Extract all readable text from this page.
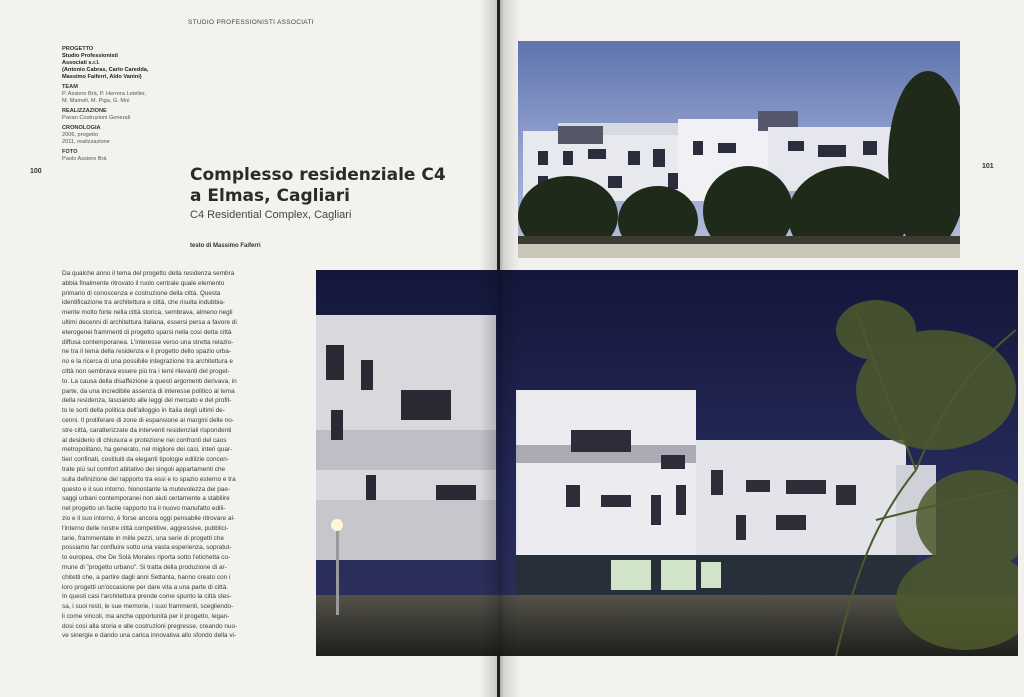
STUDIO PROFESSIONISTI ASSOCIATI
PROGETTO
Studio Professionisti
Associati s.r.l.
(Antonio Cabras, Carlo Caredda,
Massimo Faiferri, Aldo Vanini)
TEAM
P. Assiero Brà, P. Herrera Letelier,
M. Mameli, M. Piga, G. Moi
REALIZZAZIONE
Pavan Costruzioni Generali
CRONOLOGIA
2006, progetto
2011, realizzazione
FOTO
Paolo Assiero Brà
100	Complesso residenziale C4
a Elmas, Cagliari
C4 Residential Complex, Cagliari
testo di Massimo Faiferri
Da qualche anno il tema del progetto della residenza sembra
abbia finalmente ritrovato il ruolo centrale quale elemento
primario di conoscenza e costruzione della città. Questa
identificazione tra architettura e città, che risulta indubbia-
mente molto forte nella città storica, sembrava, almeno negli
ultimi decenni di architettura italiana, essersi persa a favore di
eterogenei frammenti di progetto sparsi nella così detta città
diffusa contemporanea. L'interesse verso una stretta relazio-
ne tra il tema della residenza e il progetto dello spazio urba-
no e la ricerca di una possibile integrazione tra architettura e
città non sembrava essere più tra i temi rilevanti del proget-
to. La causa della disaffezione a questi argomenti derivava, in
parte, da una incredibile assenza di interesse politico al tema
della residenza, lasciando alle leggi del mercato e del profit-
to le sorti della politica dell'alloggio in Italia degli ultimi de-
cenni. Il proliferare di zone di espansione ai margini delle no-
stre città, caratterizzate da interventi residenziali rispondenti
al desiderio di chiusura e protezione nei confronti del caos
metropolitano, ha generato, nel migliore dei casi, interi quar-
tieri confinati, costituiti da eleganti tipologie edilizie concen-
trate più sul comfort abitativo dei singoli appartamenti che
sulla definizione del rapporto tra essi e lo spazio esterno e tra
questo e il suo intorno. Nonostante la mutevolezza dei pae-
saggi urbani contemporanei non aiuti certamente a stabilire
nel progetto un facile rapporto tra il nuovo manufatto edili-
zio e il suo intorno, è forse ancora oggi pensabile ritrovare al-
l'interno delle nostre città competitive, aggressive, pubblici-
tarie, frammentate in mille pezzi, una serie di progetti che
possiamo far confluire sotto una vasta esperienza, sopratut-
to europea, che De Solà Morales riporta sotto l'etichetta co-
mune di "progetto urbano". Si tratta della produzione di ar-
chitetti che, a partire dagli anni Settanta, hanno creato con i
loro progetti un'occasione per dare vita a una parte di città.
In questi casi l'architettura prende come spunto la città stes-
sa, i suoi resti, le sue memorie, i suoi frammenti, scegliendo-
li come vincoli, ma anche opportunità per il progetto, legan-
dosi così alla storia e alle costruzioni pregresse, creando nuo-
ve sinergie e dando una carica innovativa allo sfondo della vi-
101
